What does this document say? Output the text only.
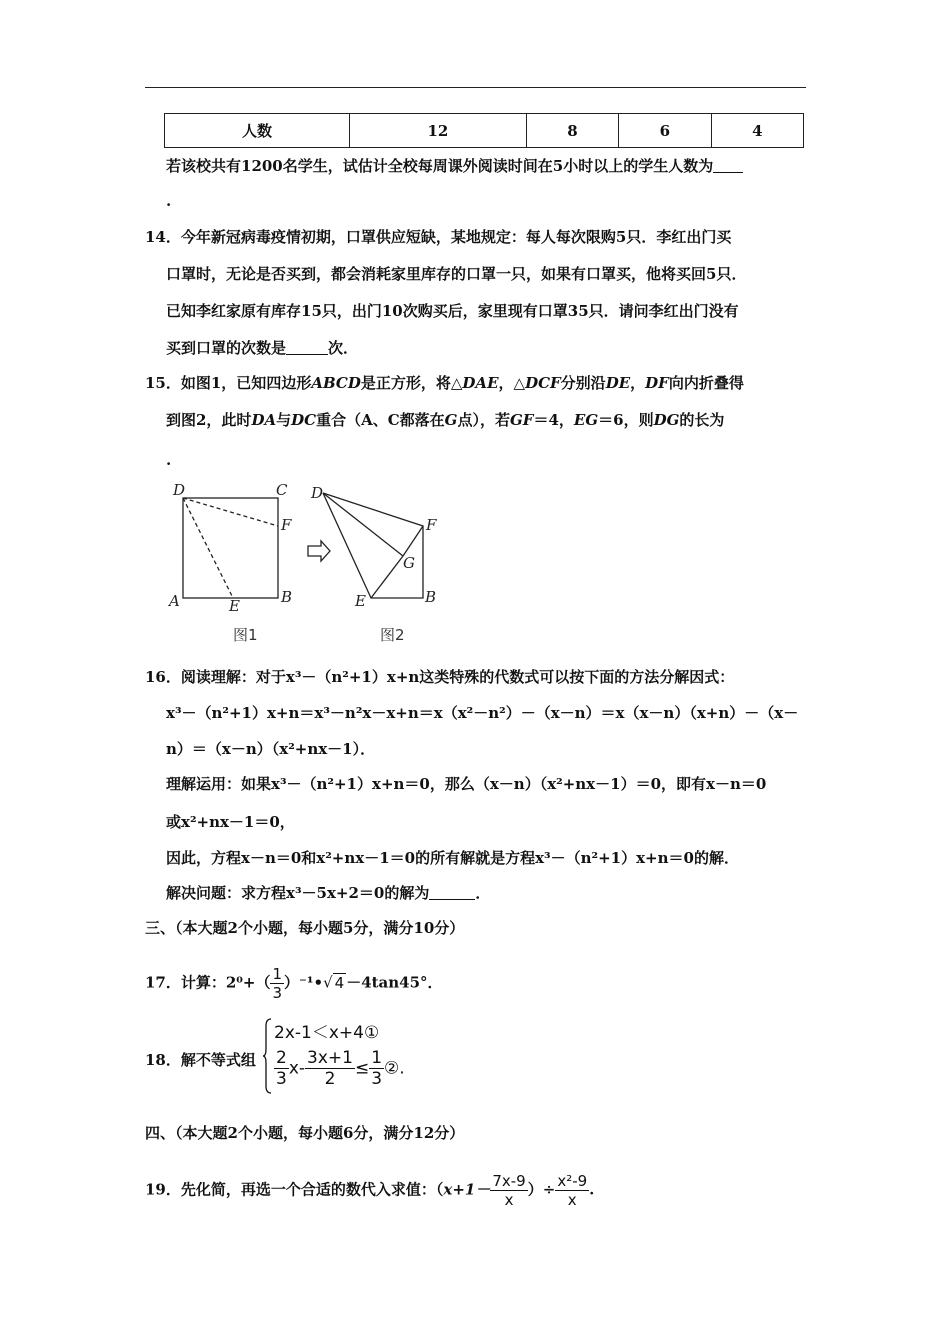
人数	12	8	6	4
若该校共有1200名学生，试估计全校每周课外阅读时间在5小时以上的学生人数为
.
14．今年新冠病毒疫情初期，口罩供应短缺，某地规定：每人每次限购5只．李红出门买
口罩时，无论是否买到，都会消耗家里库存的口罩一只，如果有口罩买，他将买回5只．
已知李红家原有库存15只，出门10次购买后，家里现有口罩35只．请问李红出门没有
买到口罩的次数是	次．
15．如图1，已知四边形ABCD是正方形，将△DAE，△DCF分别沿DE，DF向内折叠得
到图2，此时DA与DC重合（A、C都落在G点），若GF＝4，EG＝6，则DG的长为
.
D	C
F
A	E	B
图1
D
F
G
E	B
图2
16．阅读理解：对于x³－（n²+1）x+n这类特殊的代数式可以按下面的方法分解因式：
x³－（n²+1）x+n＝x³－n²x－x+n＝x（x²－n²）－（x－n）＝x（x－n）（x+n）－（x－
n）＝（x－n）（x²+nx－1）．
理解运用：如果x³－（n²+1）x+n＝0，那么（x－n）（x²+nx－1）＝0，即有x－n＝0
或x²+nx－1＝0，
因此，方程x－n＝0和x²+nx－1＝0的所有解就是方程x³－（n²+1）x+n＝0的解．
解决问题：求方程x³－5x+2＝0的解为	．
三、（本大题2个小题，每小题5分，满分10分）
17．计算：$2^0+( \frac{1}{3}$ ）⁻¹•√ 4 －4tan45°．
18．解不等式组
2x-1＜x+4①
$\frac{2}{3} x- \frac{3x+1}{2} \le \frac{1}{3}$ ②.
四、（本大题2个小题，每小题6分，满分12分）
19．先化简，再选一个合适的数代入求值：（$x+1- \frac{7x-9}{x}$ ）÷ $\frac{\text{x²-9}}{x}$ .
